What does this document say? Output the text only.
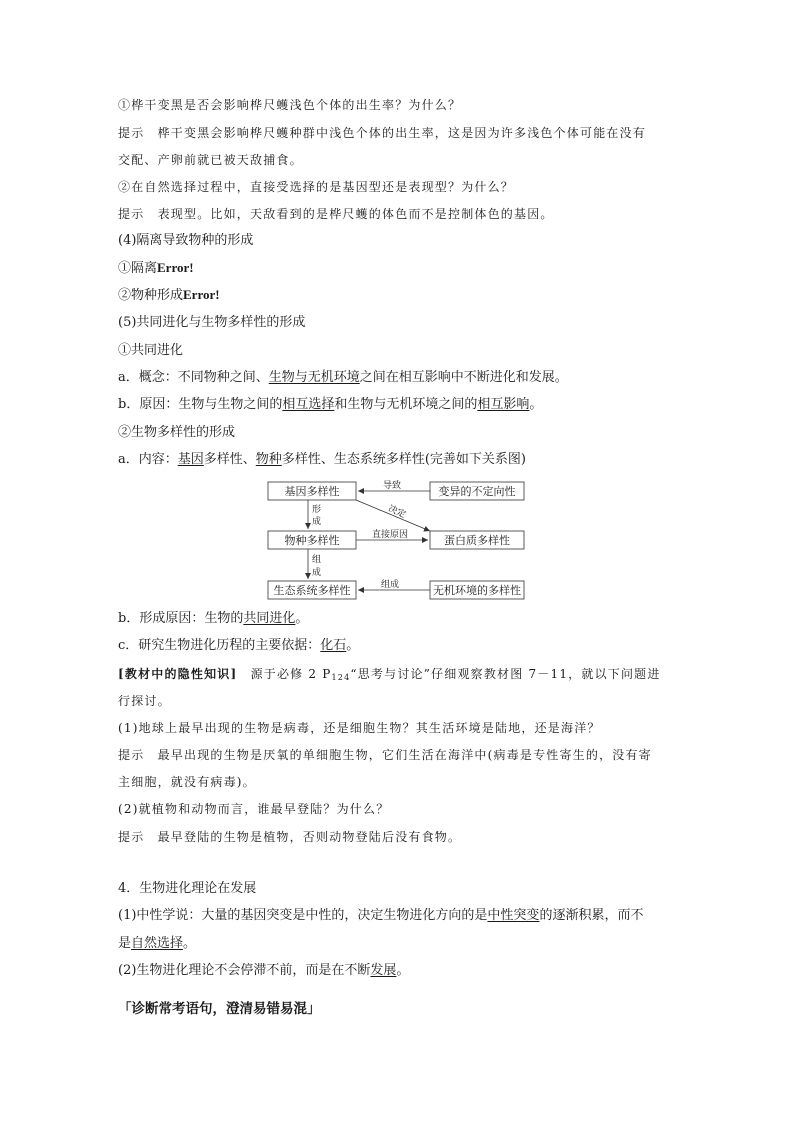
①桦干变黑是否会影响桦尺蠖浅色个体的出生率？为什么？
提示　桦干变黑会影响桦尺蠖种群中浅色个体的出生率，这是因为许多浅色个体可能在没有
交配、产卵前就已被天敌捕食。
②在自然选择过程中，直接受选择的是基因型还是表现型？为什么？
提示　表现型。比如，天敌看到的是桦尺蠖的体色而不是控制体色的基因。
(4)隔离导致物种的形成
①隔离Error!
②物种形成Error!
(5)共同进化与生物多样性的形成
①共同进化
a．概念：不同物种之间、生物与无机环境之间在相互影响中不断进化和发展。
b．原因：生物与生物之间的相互选择和生物与无机环境之间的相互影响。
②生物多样性的形成
a．内容：基因多样性、物种多样性、生态系统多样性(完善如下关系图)
基因多样性	变异的不定向性
物种多样性	蛋白质多样性
生态系统多样性	无机环境的多样性
导致
决定
形
成
直接原因
组
成
组成
b．形成原因：生物的共同进化。
c．研究生物进化历程的主要依据：化石。
[教材中的隐性知识]　 源于必修 2 $P_{124}“$思考与讨论”仔细观察教材图 7－11，就以下问题进
行探讨。
(1)地球上最早出现的生物是病毒，还是细胞生物？其生活环境是陆地，还是海洋？
提示　最早出现的生物是厌氧的单细胞生物，它们生活在海洋中(病毒是专性寄生的，没有寄
主细胞，就没有病毒)。
(2)就植物和动物而言，谁最早登陆？为什么？
提示　最早登陆的生物是植物，否则动物登陆后没有食物。
4．生物进化理论在发展
(1)中性学说：大量的基因突变是中性的，决定生物进化方向的是中性突变的逐渐积累，而不
是自然选择。
(2)生物进化理论不会停滞不前，而是在不断发展。
「诊断常考语句，澄清易错易混」
